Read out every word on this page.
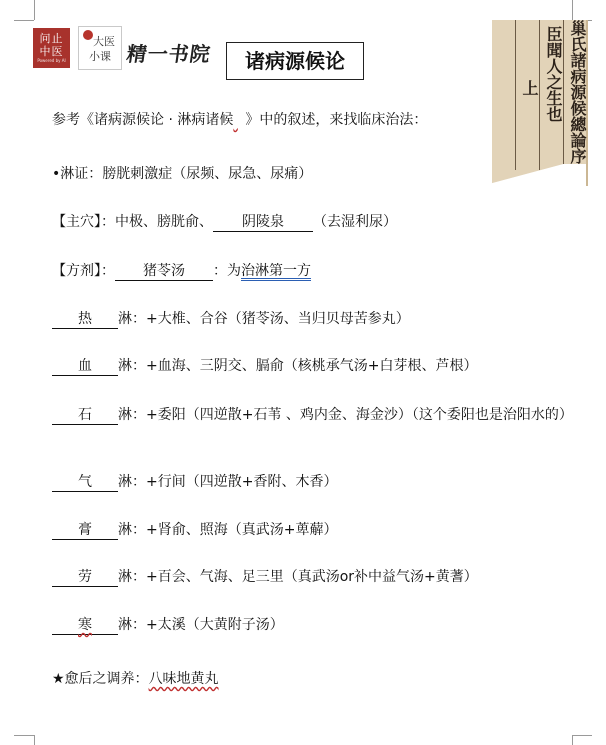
问止
中医
Powered by AI
大医
小课 精一书院	诸病源候论	巢氏諸病源候總論序
臣聞人之生也
上
参考《诸病源候论 · 淋病诸候 》中的叙述，来找临床治法：
•淋证：膀胱刺激症（尿频、尿急、尿痛）
【主穴】：中极、膀胱俞、 阴陵泉 （去湿利尿）
【方剂】： 猪苓汤 ：为治淋第一方
热 淋：+大椎、合谷（猪苓汤、当归贝母苦参丸）
血 淋：+血海、三阴交、膈俞（核桃承气汤+白芽根、芦根）
石 淋：+委阳（四逆散+石苇 、鸡内金、海金沙）（这个委阳也是治阳水的）
气 淋：+行间（四逆散+香附、木香）
膏 淋：+肾俞、照海（真武汤+萆薢）
劳 淋：+百会、气海、足三里（真武汤or补中益气汤+黄蓍）
寒 淋：+太溪（大黄附子汤）
★愈后之调养：八味地黄丸
